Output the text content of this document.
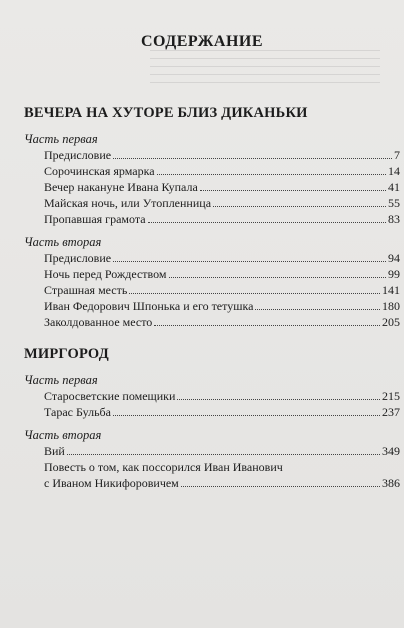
СОДЕРЖАНИЕ
ВЕЧЕРА НА ХУТОРЕ БЛИЗ ДИКАНЬКИ
Часть первая
Предисловие	7
Сорочинская ярмарка	14
Вечер накануне Ивана Купала	41
Майская ночь, или Утопленница	55
Пропавшая грамота	83
Часть вторая
Предисловие	94
Ночь перед Рождеством	99
Страшная месть	141
Иван Федорович Шпонька и его тетушка	180
Заколдованное место	205
МИРГОРОД
Часть первая
Старосветские помещики	215
Тарас Бульба	237
Часть вторая
Вий	349
Повесть о том, как поссорился Иван Иванович
с Иваном Никифоровичем	386
